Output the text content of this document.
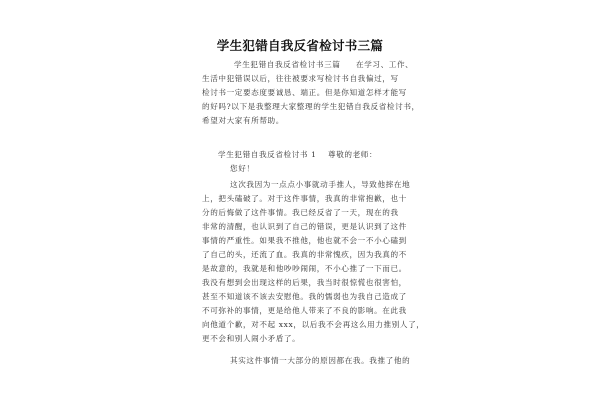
学生犯错自我反省检讨书三篇
学生犯错自我反省检讨书三篇 在学习、工作、
生活中犯错误以后，往往被要求写检讨书自我偏过，写
检讨书一定要态度要诚恳、端正。但是你知道怎样才能写
的好吗?以下是我整理大家整理的学生犯错自我反省检讨书，
希望对大家有所帮助。
学生犯错自我反省检讨书 1 尊敬的老师：
您好！
这次我因为一点点小事就动手推人，导致他摔在地
上，把头磕破了。对于这件事情，我真的非常抱歉，也十
分的后悔做了这件事情。我已经反省了一天，现在的我
非常的清醒，也认识到了自己的错误，更是认识到了这件
事情的严重性。如果我不推他，他也就不会一不小心磕到
了自己的头，还流了血。我真的非常愧疚，因为我真的不
是故意的，我就是和他吵吵闹闹，不小心推了一下而已。
我没有想到会出现这样的后果，我当时很惊慌也很害怕，
甚至不知道该不该去安慰他。我的懦弱也为我自己造成了
不可弥补的事情，更是给他人带来了不良的影响。在此我
向他道个歉，对不起 xxx，以后我不会再这么用力推别人了，
更不会和别人闹小矛盾了。
其实这件事情一大部分的原因都在我。我推了他的
